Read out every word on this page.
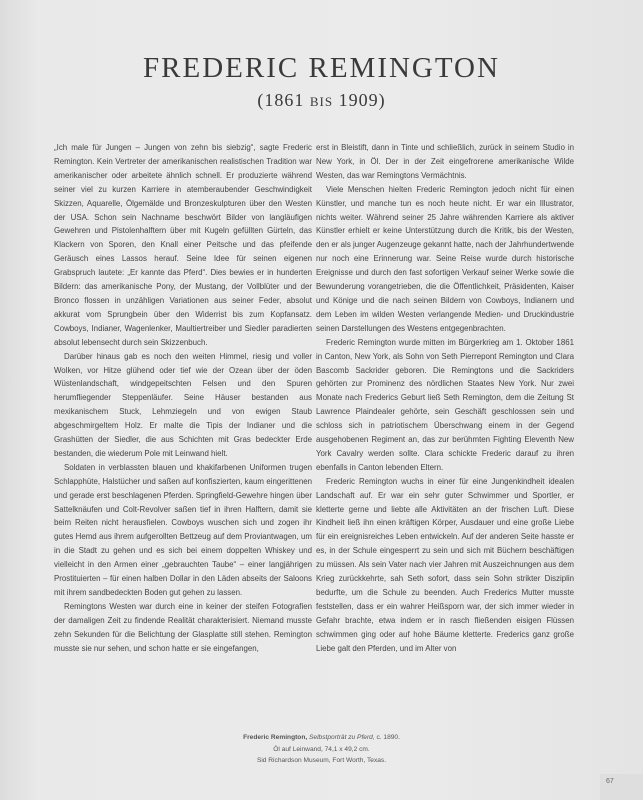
FREDERIC REMINGTON
(1861 BIS 1909)

„Ich male für Jungen – Jungen von zehn bis siebzig“, sagte Frederic Remington. Kein Vertreter der amerikanischen realistischen Tradition war amerikanischer oder arbeitete ähnlich schnell. Er produzierte während seiner viel zu kurzen Karriere in atemberaubender Geschwindigkeit Skizzen, Aquarelle, Ölgemälde und Bronzeskulpturen über den Westen der USA. Schon sein Nachname beschwört Bilder von langläufigen Gewehren und Pistolenhalftern über mit Kugeln gefüllten Gürteln, das Klackern von Sporen, den Knall einer Peitsche und das pfeifende Geräusch eines Lassos herauf. Seine Idee für seinen eigenen Grabspruch lautete: „Er kannte das Pferd“. Dies bewies er in hunderten Bildern: das amerikanische Pony, der Mustang, der Vollblüter und der Bronco flossen in unzähligen Variationen aus seiner Feder, absolut akkurat vom Sprungbein über den Widerrist bis zum Kopfansatz. Cowboys, Indianer, Wagenlenker, Maultiertreiber und Siedler paradierten absolut lebensecht durch sein Skizzenbuch.

Darüber hinaus gab es noch den weiten Himmel, riesig und voller Wolken, vor Hitze glühend oder tief wie der Ozean über der öden Wüstenlandschaft, windgepeitschten Felsen und den Spuren herumfliegender Steppenläufer. Seine Häuser bestanden aus mexikanischem Stuck, Lehmziegeln und von ewigen Staub abgeschmirgeltem Holz. Er malte die Tipis der Indianer und die Grashütten der Siedler, die aus Schichten mit Gras bedeckter Erde bestanden, die wiederum Pole mit Leinwand hielt.

Soldaten in verblassten blauen und khakifarbenen Uniformen trugen Schlapphüte, Halstücher und saßen auf konfiszierten, kaum eingerittenen und gerade erst beschlagenen Pferden. Springfield-Gewehre hingen über Sattelknäufen und Colt-Revolver saßen tief in ihren Halftern, damit sie beim Reiten nicht herausfielen. Cowboys wuschen sich und zogen ihr gutes Hemd aus ihrem aufgerollten Bettzeug auf dem Proviantwagen, um in die Stadt zu gehen und es sich bei einem doppelten Whiskey und vielleicht in den Armen einer „gebrauchten Taube“ – einer langjährigen Prostituierten – für einen halben Dollar in den Läden abseits der Saloons mit ihrem sandbedeckten Boden gut gehen zu lassen.

Remingtons Westen war durch eine in keiner der steifen Fotografien der damaligen Zeit zu findende Realität charakterisiert. Niemand musste zehn Sekunden für die Belichtung der Glasplatte still stehen. Remington musste sie nur sehen, und schon hatte er sie eingefangen,

erst in Bleistift, dann in Tinte und schließlich, zurück in seinem Studio in New York, in Öl. Der in der Zeit eingefrorene amerikanische Wilde Westen, das war Remingtons Vermächtnis.

Viele Menschen hielten Frederic Remington jedoch nicht für einen Künstler, und manche tun es noch heute nicht. Er war ein Illustrator, nichts weiter. Während seiner 25 Jahre währenden Karriere als aktiver Künstler erhielt er keine Unterstützung durch die Kritik, bis der Westen, den er als junger Augenzeuge gekannt hatte, nach der Jahrhundertwende nur noch eine Erinnerung war. Seine Reise wurde durch historische Ereignisse und durch den fast sofortigen Verkauf seiner Werke sowie die Bewunderung vorangetrieben, die die Öffentlichkeit, Präsidenten, Kaiser und Könige und die nach seinen Bildern von Cowboys, Indianern und dem Leben im wilden Westen verlangende Medien- und Druckindustrie seinen Darstellungen des Westens entgegenbrachten.

Frederic Remington wurde mitten im Bürgerkrieg am 1. Oktober 1861 in Canton, New York, als Sohn von Seth Pierrepont Remington und Clara Bascomb Sackrider geboren. Die Remingtons und die Sackriders gehörten zur Prominenz des nördlichen Staates New York. Nur zwei Monate nach Frederics Geburt ließ Seth Remington, dem die Zeitung St Lawrence Plaindealer gehörte, sein Geschäft geschlossen sein und schloss sich in patriotischem Überschwang einem in der Gegend ausgehobenen Regiment an, das zur berühmten Fighting Eleventh New York Cavalry werden sollte. Clara schickte Frederic darauf zu ihren ebenfalls in Canton lebenden Eltern.

Frederic Remington wuchs in einer für eine Jungenkindheit idealen Landschaft auf. Er war ein sehr guter Schwimmer und Sportler, er kletterte gerne und liebte alle Aktivitäten an der frischen Luft. Diese Kindheit ließ ihn einen kräftigen Körper, Ausdauer und eine große Liebe für ein ereignisreiches Leben entwickeln. Auf der anderen Seite hasste er es, in der Schule eingesperrt zu sein und sich mit Büchern beschäftigen zu müssen. Als sein Vater nach vier Jahren mit Auszeichnungen aus dem Krieg zurückkehrte, sah Seth sofort, dass sein Sohn strikter Disziplin bedurfte, um die Schule zu beenden. Auch Frederics Mutter musste feststellen, dass er ein wahrer Heißsporn war, der sich immer wieder in Gefahr brachte, etwa indem er in rasch fließenden eisigen Flüssen schwimmen ging oder auf hohe Bäume kletterte. Frederics ganz große Liebe galt den Pferden, und im Alter von

Frederic Remington, Selbstporträt zu Pferd, c. 1890.
Öl auf Leinwand, 74,1 x 49,2 cm.
Sid Richardson Museum, Fort Worth, Texas.
67
